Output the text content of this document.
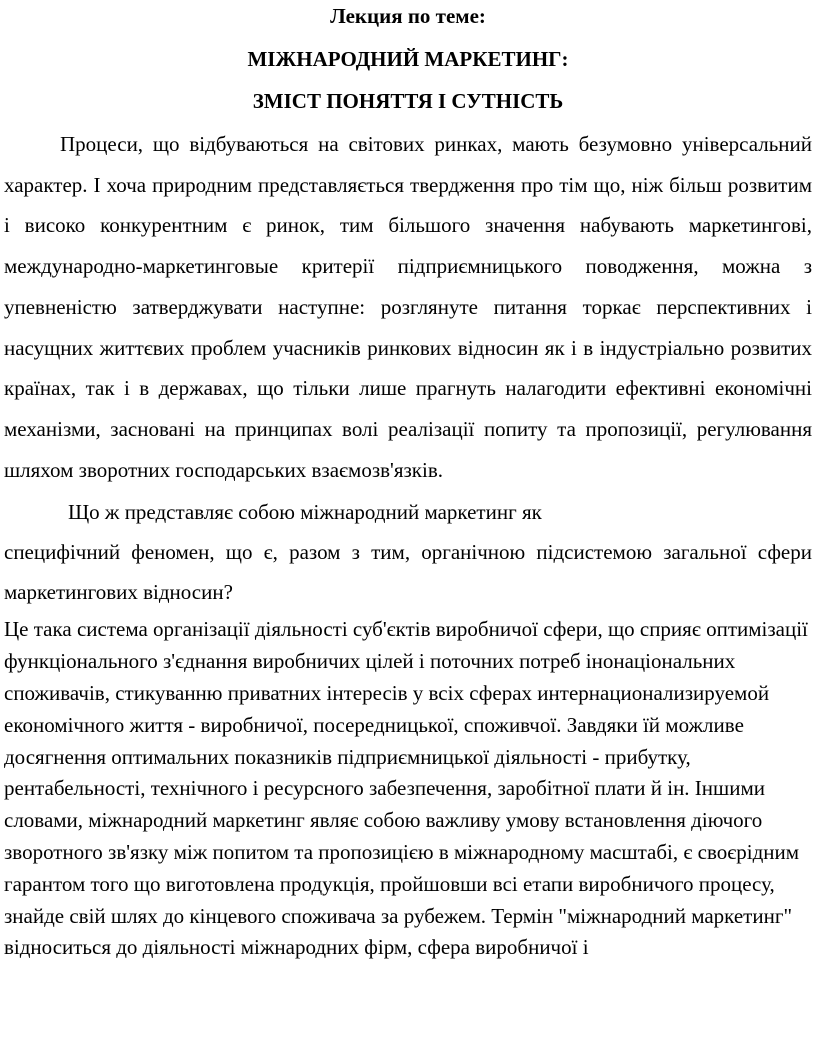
Лекция по теме:
МІЖНАРОДНИЙ МАРКЕТИНГ:
ЗМІСТ ПОНЯТТЯ І СУТНІСТЬ

Процеси, що відбуваються на світових ринках, мають безумовно універсальний характер. І хоча природним представляється твердження про тім що, ніж більш розвитим і високо конкурентним є ринок, тим більшого значення набувають маркетингові, международно-маркетинговые критерії підприємницького поводження, можна з упевненістю затверджувати наступне: розглянуте питання торкає перспективних і насущних життєвих проблем учасників ринкових відносин як і в індустріально розвитих країнах, так і в державах, що тільки лише прагнуть налагодити ефективні економічні механізми, засновані на принципах волі реалізації попиту та пропозиції, регулювання шляхом зворотних господарських взаємозв'язків.

Що ж представляє собою міжнародний маркетинг як

специфічний феномен, що є, разом з тим, органічною підсистемою загальної сфери маркетингових відносин?

Це така система організації діяльності суб'єктів виробничої сфери, що сприяє оптимізації функціонального з'єднання виробничих цілей і поточних потреб інонаціональних споживачів, стикуванню приватних інтересів у всіх сферах интернационализируемой економічного життя - виробничої, посередницької, споживчої. Завдяки їй можливе досягнення оптимальних показників підприємницької діяльності - прибутку, рентабельності, технічного і ресурсного забезпечення, заробітної плати й ін. Іншими словами, міжнародний маркетинг являє собою важливу умову встановлення діючого зворотного зв'язку між попитом та пропозицією в міжнародному масштабі, є своєрідним гарантом того що виготовлена продукція, пройшовши всі етапи виробничого процесу, знайде свій шлях до кінцевого споживача за рубежем. Термін "міжнародний маркетинг" відноситься до діяльності міжнародних фірм, сфера виробничої і
